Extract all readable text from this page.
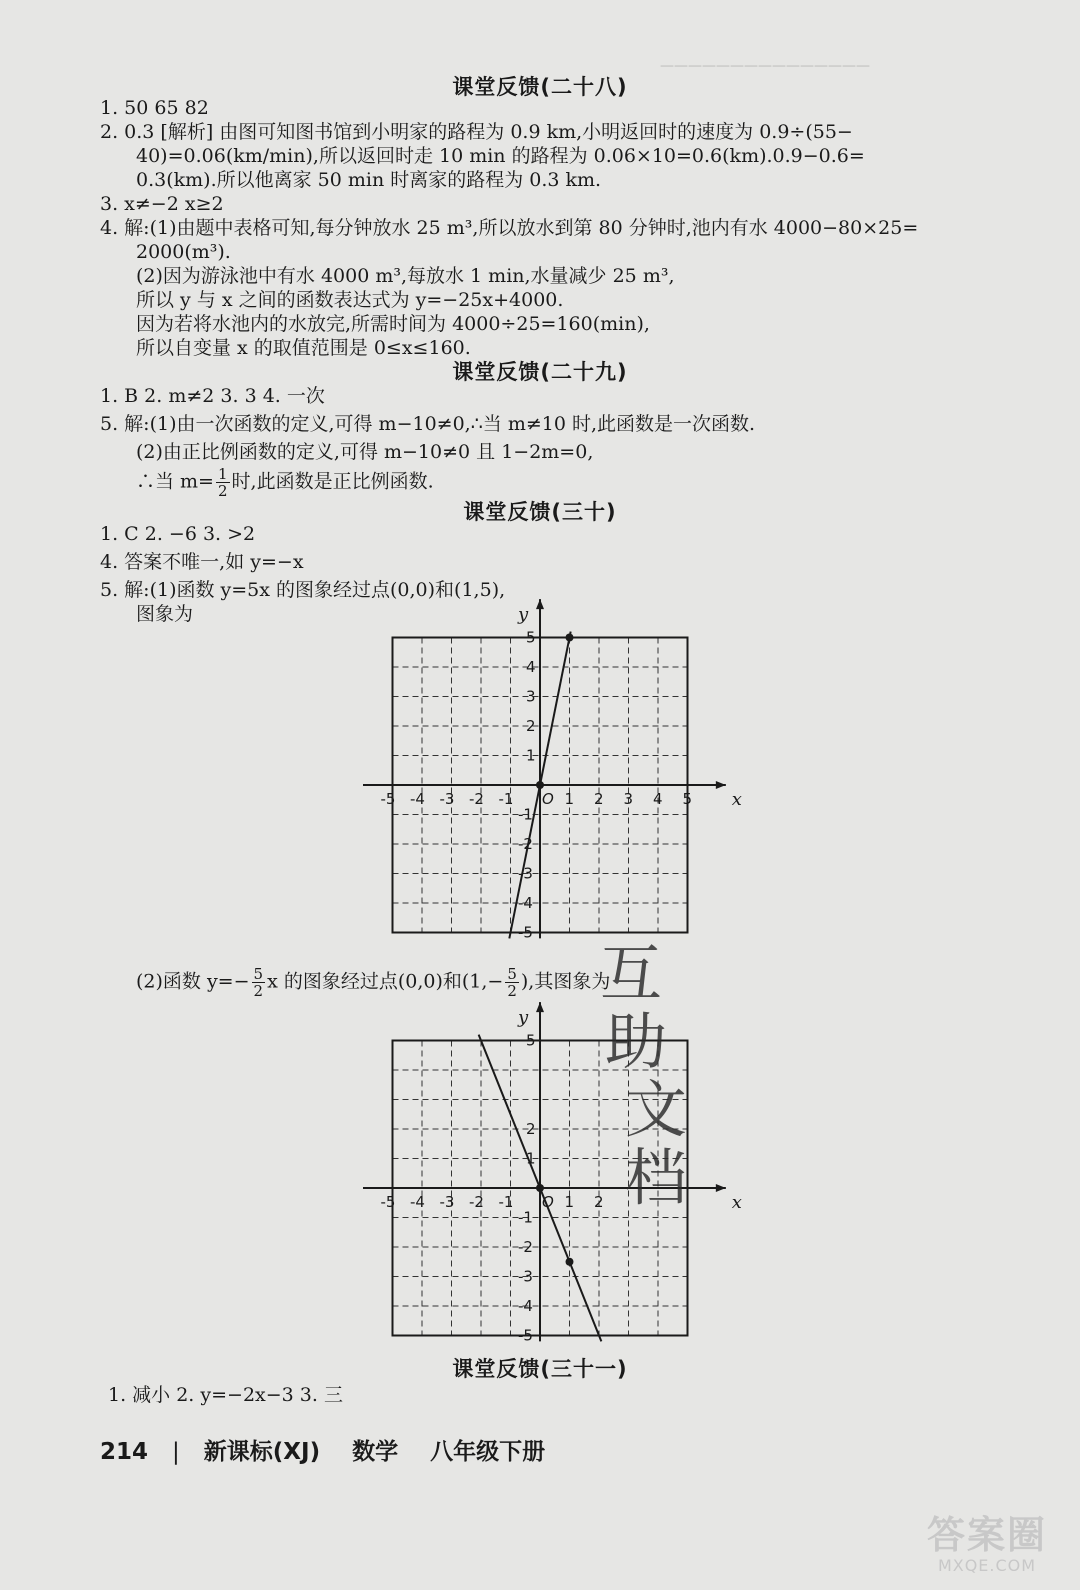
———————————————
课堂反馈(二十八)
1. 50 65 82
2. 0.3 [解析] 由图可知图书馆到小明家的路程为 0.9 km,小明返回时的速度为 0.9÷(55−
40)=0.06(km/min),所以返回时走 10 min 的路程为 0.06×10=0.6(km).0.9−0.6=
0.3(km).所以他离家 50 min 时离家的路程为 0.3 km.
3. x≠−2 x≥2
4. 解:(1)由题中表格可知,每分钟放水 25 m³,所以放水到第 80 分钟时,池内有水 4000−80×25=
2000(m³).
(2)因为游泳池中有水 4000 m³,每放水 1 min,水量减少 25 m³,
所以 y 与 x 之间的函数表达式为 y=−25x+4000.
因为若将水池内的水放完,所需时间为 4000÷25=160(min),
所以自变量 x 的取值范围是 0≤x≤160.
课堂反馈(二十九)
1. B 2. m≠2 3. 3 4. 一次
5. 解:(1)由一次函数的定义,可得 m−10≠0,∴当 m≠10 时,此函数是一次函数.
(2)由正比例函数的定义,可得 m−10≠0 且 1−2m=0,
∴当 $m= \frac{1}{2}$ 时,此函数是正比例函数.
课堂反馈(三十)
1. C 2. −6 3. >2
4. 答案不唯一,如 y=−x
5. 解:(1)函数 y=5x 的图象经过点(0,0)和(1,5),
图象为
x
y
-5 -4 -3 -2 -1 O 1 2 3 4 5
5
4
3
2
1
-1
-2
-3
-4
-5
(2)函数 $y=- \frac{5}{2}$ x 的图象经过点(0,0)和($1,- \frac{5}{2}$ ),其图象为
x
y
-5 -4 -3 -2 -1 O 1 2
5
2
1
-1
-2
-3
-4
-5
互
助
文
档
课堂反馈(三十一)
1. 减小 2. y=−2x−3 3. 三
214 | 新课标(XJ) 数学 八年级下册
答案圈
MXQE.COM
